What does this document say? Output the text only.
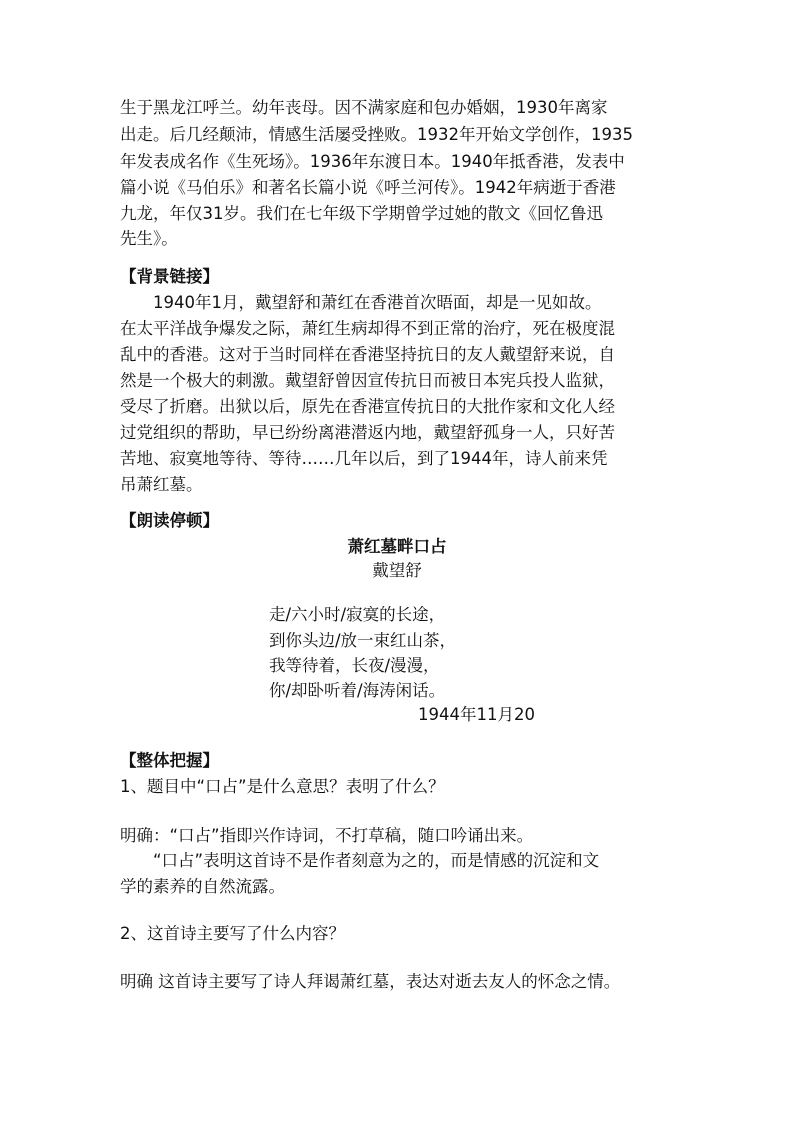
生于黑龙江呼兰。幼年丧母。因不满家庭和包办婚姻，1930年离家
出走。后几经颠沛，情感生活屡受挫败。1932年开始文学创作，1935
年发表成名作《生死场》。1936年东渡日本。1940年抵香港，发表中
篇小说《马伯乐》和著名长篇小说《呼兰河传》。1942年病逝于香港
九龙，年仅31岁。我们在七年级下学期曾学过她的散文《回忆鲁迅
先生》。
【背景链接】
　　1940年1月，戴望舒和萧红在香港首次晤面，却是一见如故。
在太平洋战争爆发之际，萧红生病却得不到正常的治疗，死在极度混
乱中的香港。这对于当时同样在香港坚持抗日的友人戴望舒来说，自
然是一个极大的刺激。戴望舒曾因宣传抗日而被日本宪兵投人监狱，
受尽了折磨。出狱以后，原先在香港宣传抗日的大批作家和文化人经
过党组织的帮助，早已纷纷离港潜返内地，戴望舒孤身一人，只好苦
苦地、寂寞地等待、等待……几年以后，到了1944年，诗人前来凭
吊萧红墓。
【朗读停顿】
萧红墓畔口占
戴望舒
走/六小时/寂寞的长途，
到你头边/放一束红山茶，
我等待着，长夜/漫漫，
你/却卧听着/海涛闲话。
1944年11月20
【整体把握】
1、题目中“口占”是什么意思？表明了什么？
明确：“口占”指即兴作诗词，不打草稿，随口吟诵出来。
　　“口占”表明这首诗不是作者刻意为之的，而是情感的沉淀和文
学的素养的自然流露。
2、这首诗主要写了什么内容？
明确 这首诗主要写了诗人拜谒萧红墓，表达对逝去友人的怀念之情。
